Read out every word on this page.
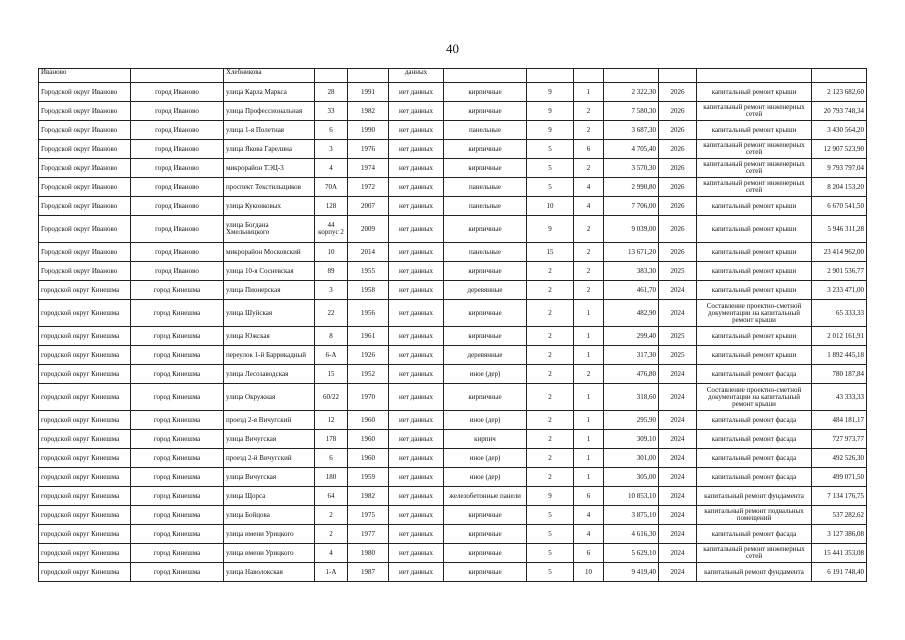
40
Иваново		Хлебникова			данных							
Городской округ Иваново	город Иваново	улица Карла Маркса	28	1991	нет данных	кирпичные	9	1	2 322,30	2026	капитальный ремонт крыши	2 123 682,60
Городской округ Иваново	город Иваново	улица Профессиональная	33	1982	нет данных	кирпичные	9	2	7 580,30	2026	капитальный ремонт инженерных сетей	20 793 748,34
Городской округ Иваново	город Иваново	улица 1-я Полетная	6	1990	нет данных	панельные	9	2	3 687,30	2026	капитальный ремонт крыши	3 430 564,20
Городской округ Иваново	город Иваново	улица Якова Гарелина	3	1976	нет данных	кирпичные	5	6	4 705,40	2026	капитальный ремонт инженерных сетей	12 907 523,90
Городской округ Иваново	город Иваново	микрорайон ТЭЦ-3	4	1974	нет данных	кирпичные	5	2	3 570,30	2026	капитальный ремонт инженерных сетей	9 793 797,04
Городской округ Иваново	город Иваново	проспект Текстильщиков	70А	1972	нет данных	панельные	5	4	2 990,80	2026	капитальный ремонт инженерных сетей	8 204 153,20
Городской округ Иваново	город Иваново	улица Куконковых	128	2007	нет данных	панельные	10	4	7 706,00	2026	капитальный ремонт крыши	6 670 541,50
Городской округ Иваново	город Иваново	улица Богдана Хмельницкого	44 корпус 2	2009	нет данных	кирпичные	9	2	9 039,00	2026	капитальный ремонт крыши	5 946 311,28
Городской округ Иваново	город Иваново	микрорайон Московский	10	2014	нет данных	панельные	15	2	13 671,20	2026	капитальный ремонт крыши	23 414 962,00
Городской округ Иваново	город Иваново	улица 10-я Сосневская	89	1955	нет данных	кирпичные	2	2	383,30	2025	капитальный ремонт крыши	2 901 536,77
городской округ Кинешма	город Кинешма	улица Пионерская	3	1958	нет данных	деревянные	2	2	461,70	2024	капитальный ремонт крыши	3 233 471,00
городской округ Кинешма	город Кинешма	улица Шуйская	22	1956	нет данных	кирпичные	2	1	482,90	2024	Составление проектно-сметной документации на капитальный ремонт крыши	65 333,33
городской округ Кинешма	город Кинешма	улица Южская	8	1961	нет данных	кирпичные	2	1	299,40	2025	капитальный ремонт крыши	2 012 161,91
городской округ Кинешма	город Кинешма	переулок 1-й Баррикадный	6-А	1926	нет данных	деревянные	2	1	317,30	2025	капитальный ремонт крыши	1 892 445,18
городской округ Кинешма	город Кинешма	улица Лесозаводская	15	1952	нет данных	иное (дер)	2	2	476,80	2024	капитальный ремонт фасада	780 187,84
городской округ Кинешма	город Кинешма	улица Окружная	60/22	1970	нет данных	кирпичные	2	1	318,60	2024	Составление проектно-сметной документации на капитальный ремонт крыши	43 333,33
городской округ Кинешма	город Кинешма	проезд 2-я Вичугский	12	1960	нет данных	иное (дер)	2	1	295,90	2024	капитальный ремонт фасада	484 181,17
городской округ Кинешма	город Кинешма	улица Вичугская	178	1960	нет данных	кирпич	2	1	309,10	2024	капитальный ремонт фасада	727 973,77
городской округ Кинешма	город Кинешма	проезд 2-й Вичугский	6	1960	нет данных	иное (дер)	2	1	301,00	2024	капитальный ремонт фасада	492 526,30
городской округ Кинешма	город Кинешма	улица Вичугская	180	1959	нет данных	иное (дер)	2	1	305,00	2024	капитальный ремонт фасада	499 071,50
городской округ Кинешма	город Кинешма	улица Щорса	64	1982	нет данных	железобетонные панели	9	6	10 853,10	2024	капитальный ремонт фундамента	7 134 176,75
городской округ Кинешма	город Кинешма	улица Бойцова	2	1975	нет данных	кирпичные	5	4	3 875,10	2024	капитальный ремонт подвальных помещений	537 282,62
городской округ Кинешма	город Кинешма	улица имени Урицкого	2	1977	нет данных	кирпичные	5	4	4 616,30	2024	капитальный ремонт фасада	3 127 386,08
городской округ Кинешма	город Кинешма	улица имени Урицкого	4	1980	нет данных	кирпичные	5	6	5 629,10	2024	капитальный ремонт инженерных сетей	15 441 353,08
городской округ Кинешма	город Кинешма	улица Наволокская	1-А	1987	нет данных	кирпичные	5	10	9 419,40	2024	капитальный ремонт фундамента	6 191 748,40
